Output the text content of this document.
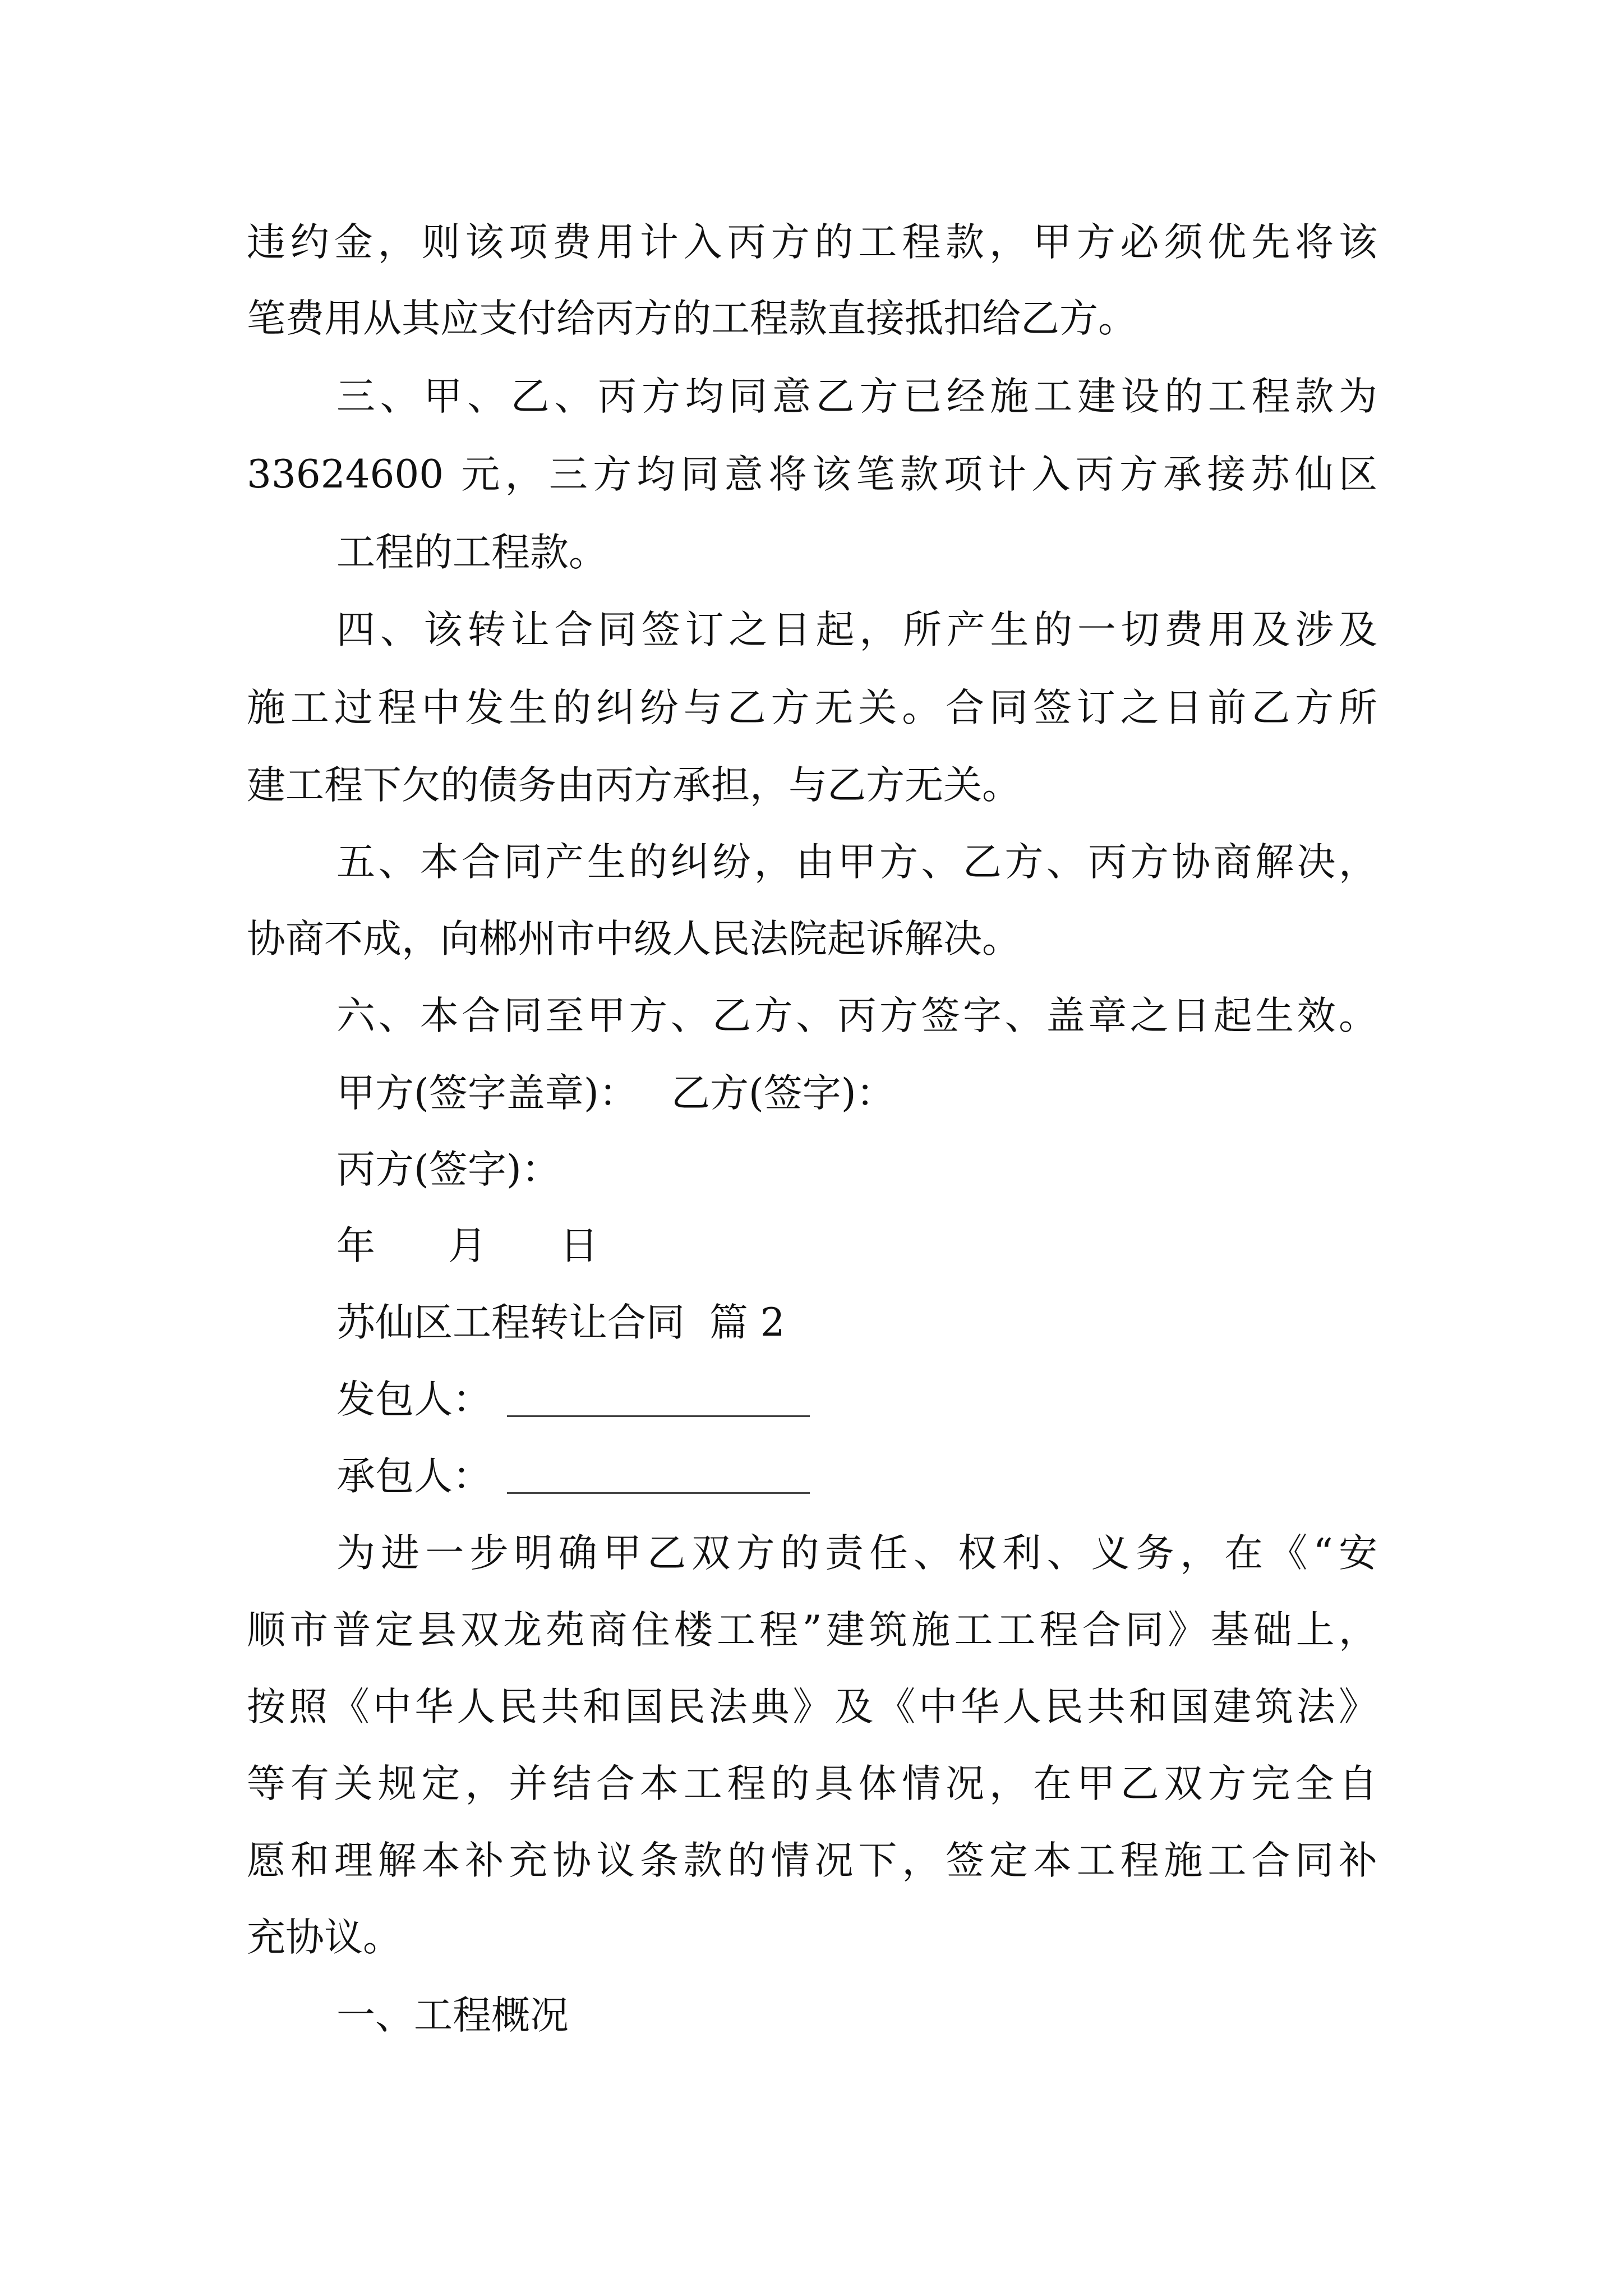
违约金，则该项费用计入丙方的工程款，甲方必须优先将该
笔费用从其应支付给丙方的工程款直接抵扣给乙方。
三、甲、乙、丙方均同意乙方已经施工建设的工程款为
33624600 元，三方均同意将该笔款项计入丙方承接苏仙区
工程的工程款。
四、该转让合同签订之日起，所产生的一切费用及涉及
施工过程中发生的纠纷与乙方无关。合同签订之日前乙方所
建工程下欠的债务由丙方承担，与乙方无关。
五、本合同产生的纠纷，由甲方、乙方、丙方协商解决，
协商不成，向郴州市中级人民法院起诉解决。
六、本合同至甲方、乙方、丙方签字、盖章之日起生效。
甲方(签字盖章)： 乙方(签字)：
丙方(签字)：
年 月 日
苏仙区工程转让合同  篇 2
发包人：
承包人：
为进一步明确甲乙双方的责任、权利、义务，在《“安
顺市普定县双龙苑商住楼工程”建筑施工工程合同》基础上，
按照《中华人民共和国民法典》及《中华人民共和国建筑法》
等有关规定，并结合本工程的具体情况，在甲乙双方完全自
愿和理解本补充协议条款的情况下，签定本工程施工合同补
充协议。
一、工程概况
